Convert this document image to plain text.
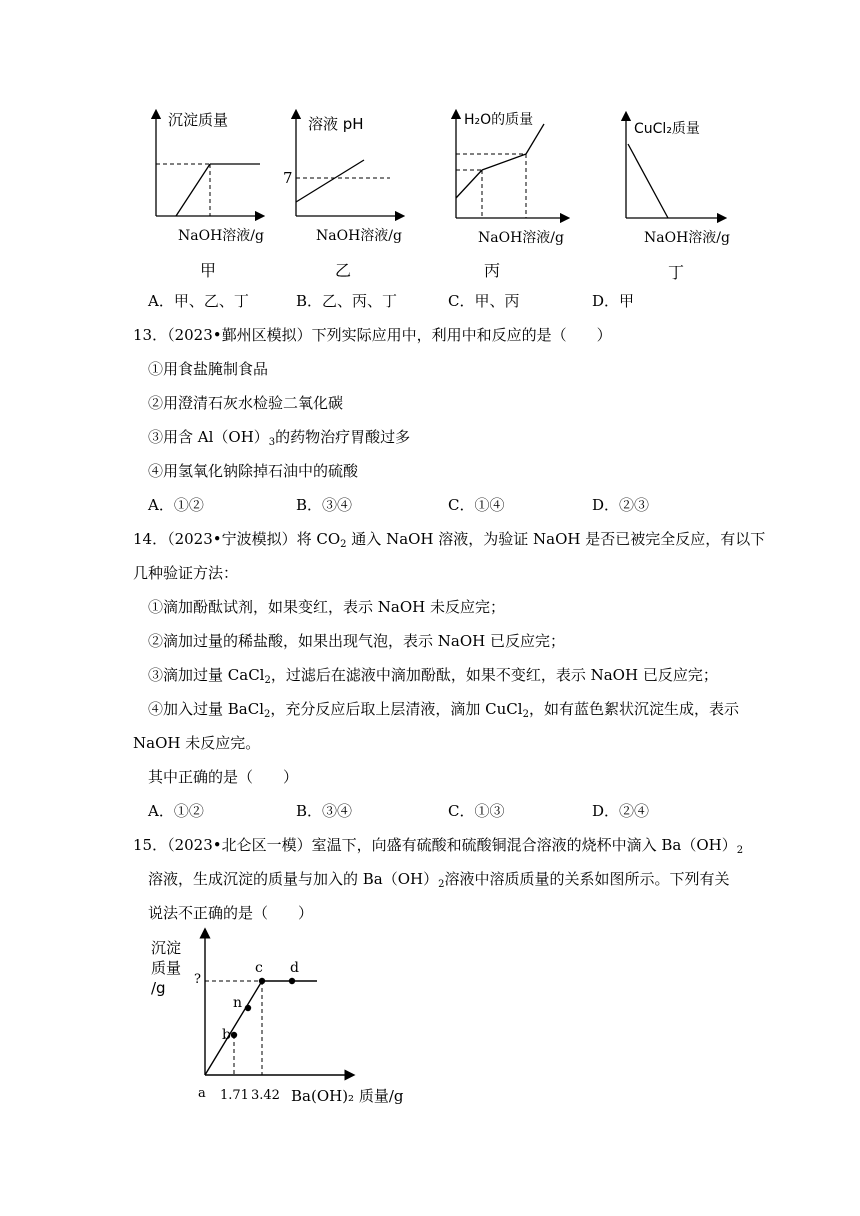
沉淀质量
NaOH溶液/g
甲
溶液 pH
7
NaOH溶液/g
乙
H₂O的质量
NaOH溶液/g
丙
CuCl₂质量
NaOH溶液/g
丁
A．甲、乙、丁	B．乙、丙、丁	C．甲、丙	D．甲
13．（2023•鄞州区模拟）下列实际应用中，利用中和反应的是（　　）
①用食盐腌制食品
②用澄清石灰水检验二氧化碳
③用含 $Al(OH)_3$的药物治疗胃酸过多
④用氢氧化钠除掉石油中的硫酸
A．①②	B．③④	C．①④	D．②③
14．（2023•宁波模拟）将 $CO_2$ 通入 NaOH 溶液，为验证 NaOH 是否已被完全反应，有以下
几种验证方法：
①滴加酚酞试剂，如果变红，表示 NaOH 未反应完；
②滴加过量的稀盐酸，如果出现气泡，表示 NaOH 已反应完；
③滴加过量 CaCl$_2$，过滤后在滤液中滴加酚酞，如果不变红，表示 NaOH 已反应完；
④加入过量 BaCl$_2$，充分反应后取上层清液，滴加 CuCl$_2$，如有蓝色絮状沉淀生成，表示
NaOH 未反应完。
其中正确的是（　　）
A．①②	B．③④	C．①③	D．②④
15．（2023•北仑区一模）室温下，向盛有硫酸和硫酸铜混合溶液的烧杯中滴入 $Ba(OH)_2$
溶液，生成沉淀的质量与加入的 $Ba(OH)_2$溶液中溶质质量的关系如图所示。下列有关
说法不正确的是（　　）
沉淀
质量
/g ?
c d
n
b
a 1.71 3.42 Ba(OH)₂ 质量/g
